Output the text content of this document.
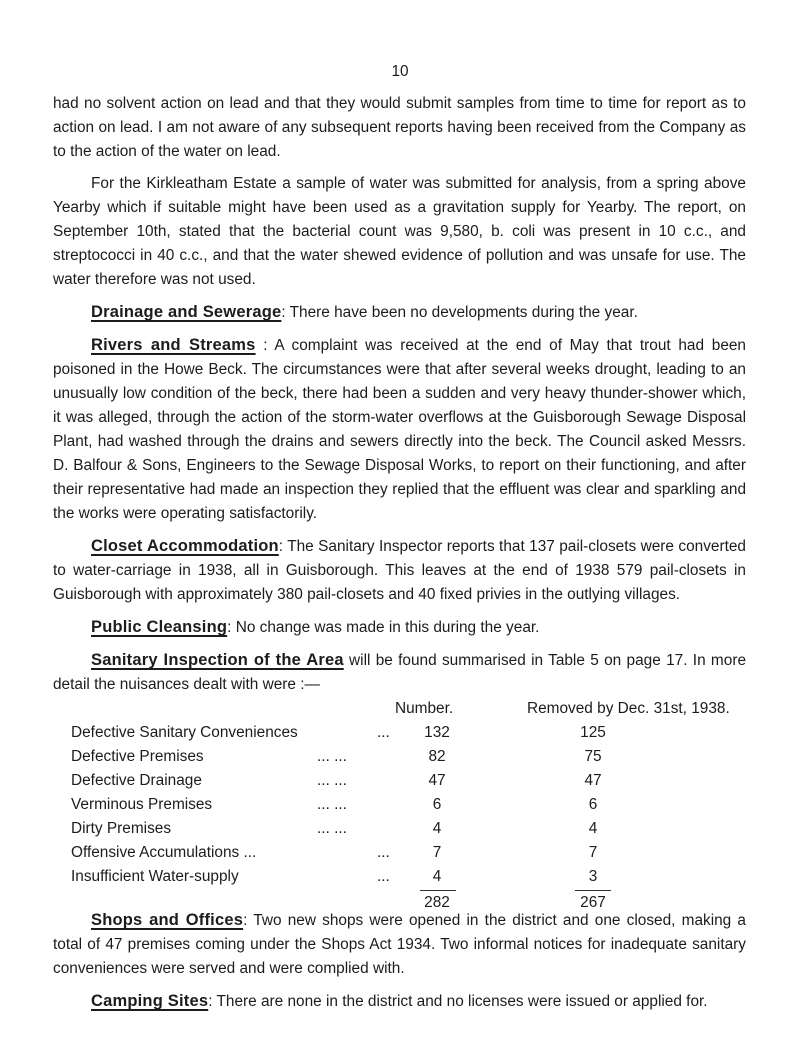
10

had no solvent action on lead and that they would submit samples from time to time for report as to action on lead. I am not aware of any subsequent reports having been received from the Company as to the action of the water on lead.

For the Kirkleatham Estate a sample of water was submitted for analysis, from a spring above Yearby which if suitable might have been used as a gravitation supply for Yearby. The report, on September 10th, stated that the bacterial count was 9,580, b. coli was present in 10 c.c., and streptococci in 40 c.c., and that the water shewed evidence of pollution and was unsafe for use. The water therefore was not used.

Drainage and Sewerage: There have been no developments during the year.

Rivers and Streams : A complaint was received at the end of May that trout had been poisoned in the Howe Beck. The circumstances were that after several weeks drought, leading to an unusually low condition of the beck, there had been a sudden and very heavy thunder-shower which, it was alleged, through the action of the storm-water overflows at the Guisborough Sewage Disposal Plant, had washed through the drains and sewers directly into the beck. The Council asked Messrs. D. Balfour & Sons, Engineers to the Sewage Disposal Works, to report on their functioning, and after their representative had made an inspection they replied that the effluent was clear and sparkling and the works were operating satisfactorily.

Closet Accommodation: The Sanitary Inspector reports that 137 pail-closets were converted to water-carriage in 1938, all in Guisborough. This leaves at the end of 1938 579 pail-closets in Guisborough with approximately 380 pail-closets and 40 fixed privies in the outlying villages.

Public Cleansing: No change was made in this during the year.

Sanitary Inspection of the Area will be found summarised in Table 5 on page 17. In more detail the nuisances dealt with were :—

Number.	Removed by Dec. 31st, 1938.
Defective Sanitary Conveniences	...	132	125
Defective Premises	... ...	82	75
Defective Drainage	... ...	47	47
Verminous Premises	... ...	6	6
Dirty Premises	... ...	4	4
Offensive Accumulations ...	...	7	7
Insufficient Water-supply	...	4	3
282	267

Shops and Offices: Two new shops were opened in the district and one closed, making a total of 47 premises coming under the Shops Act 1934. Two informal notices for inadequate sanitary conveniences were served and were complied with.

Camping Sites: There are none in the district and no licenses were issued or applied for.
